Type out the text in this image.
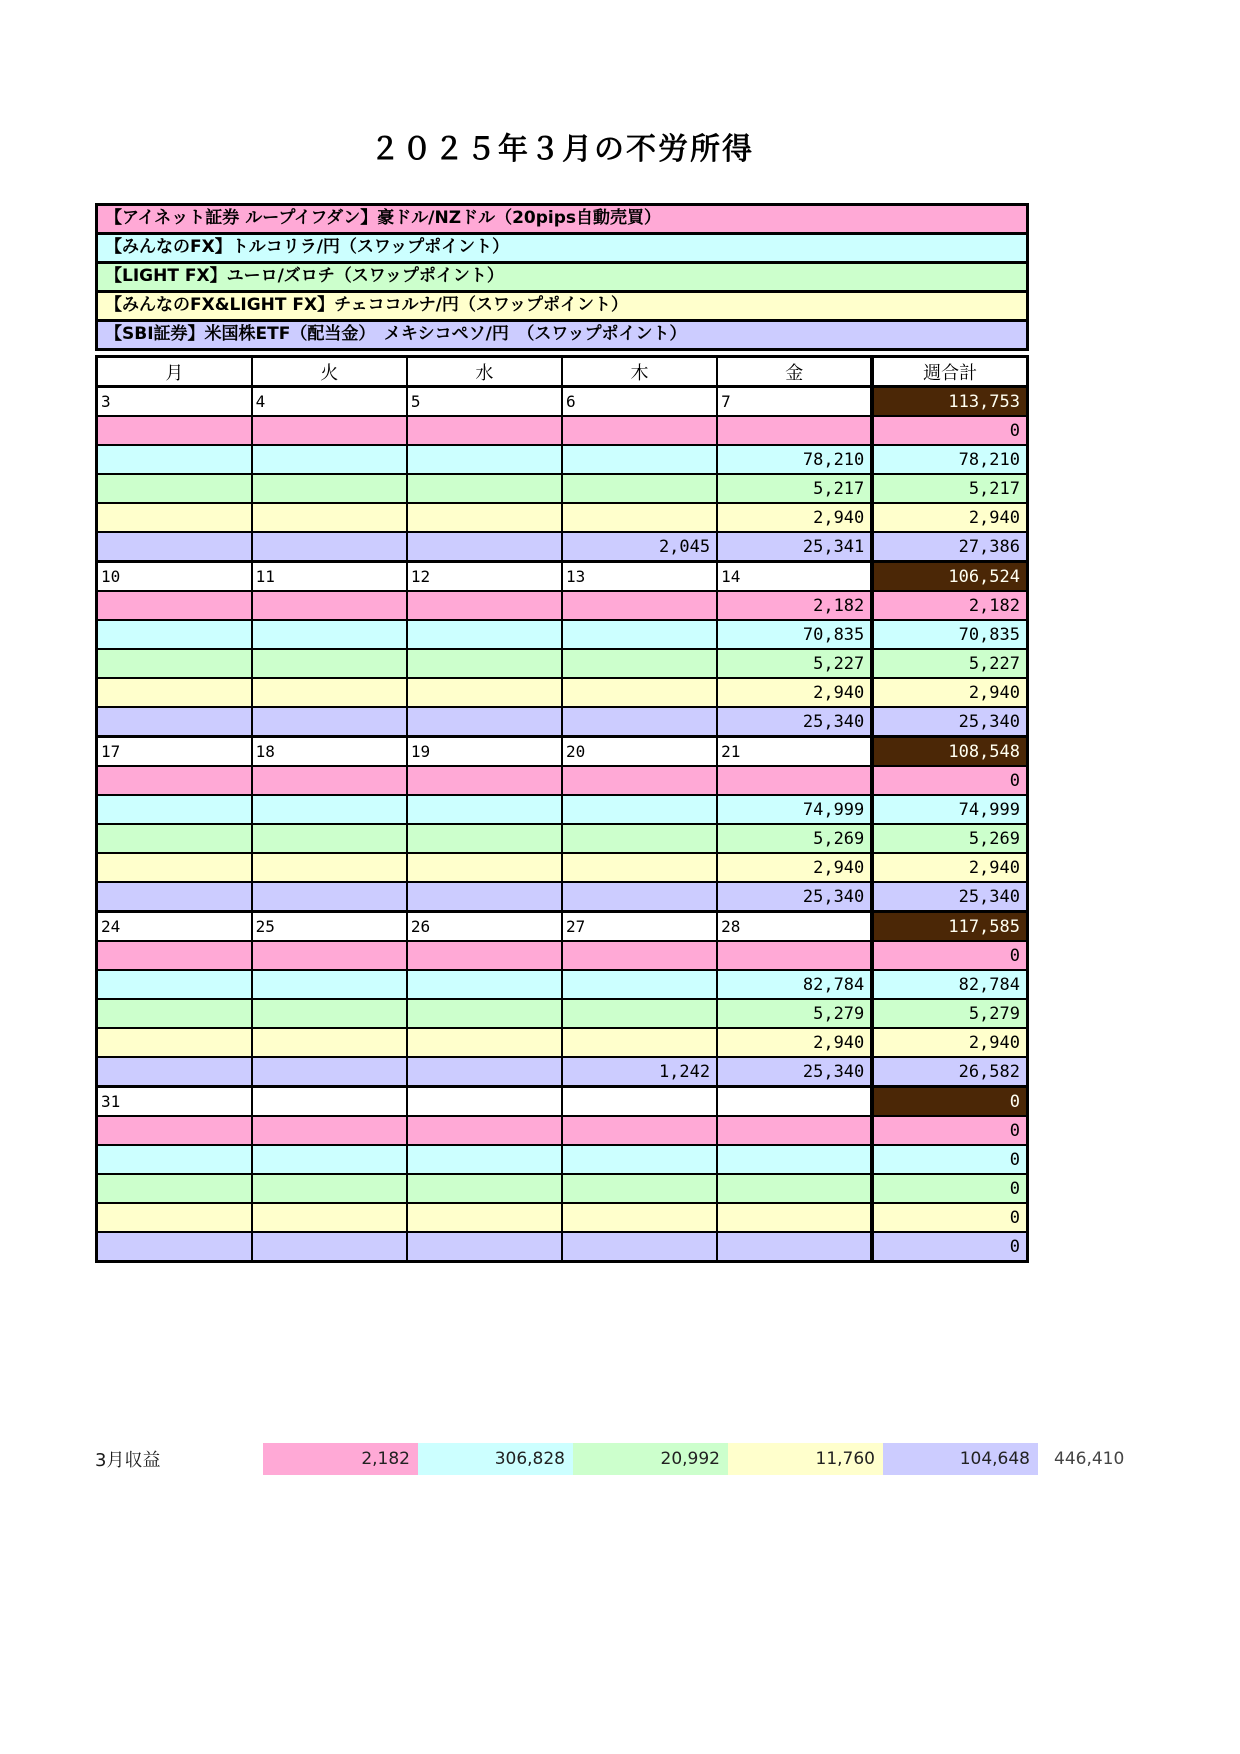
２０２５年３月の不労所得
【アイネット証券 ループイフダン】豪ドル/NZドル（20pips自動売買）
【みんなのFX】トルコリラ/円（スワップポイント）
【LIGHT FX】ユーロ/ズロチ（スワップポイント）
【みんなのFX&LIGHT FX】チェココルナ/円（スワップポイント）
【SBI証券】米国株ETF（配当金）　メキシコペソ/円　（スワップポイント）
月	火	水	木	金	週合計
3	4	5	6	7	113,753
					0
				78,210	78,210
				5,217	5,217
				2,940	2,940
			2,045	25,341	27,386
10	11	12	13	14	106,524
				2,182	2,182
				70,835	70,835
				5,227	5,227
				2,940	2,940
				25,340	25,340
17	18	19	20	21	108,548
					0
				74,999	74,999
				5,269	5,269
				2,940	2,940
				25,340	25,340
24	25	26	27	28	117,585
					0
				82,784	82,784
				5,279	5,279
				2,940	2,940
			1,242	25,340	26,582
31					0
					0
					0
					0
					0
					0
3月収益	2,182	306,828	20,992	11,760	104,648	446,410
